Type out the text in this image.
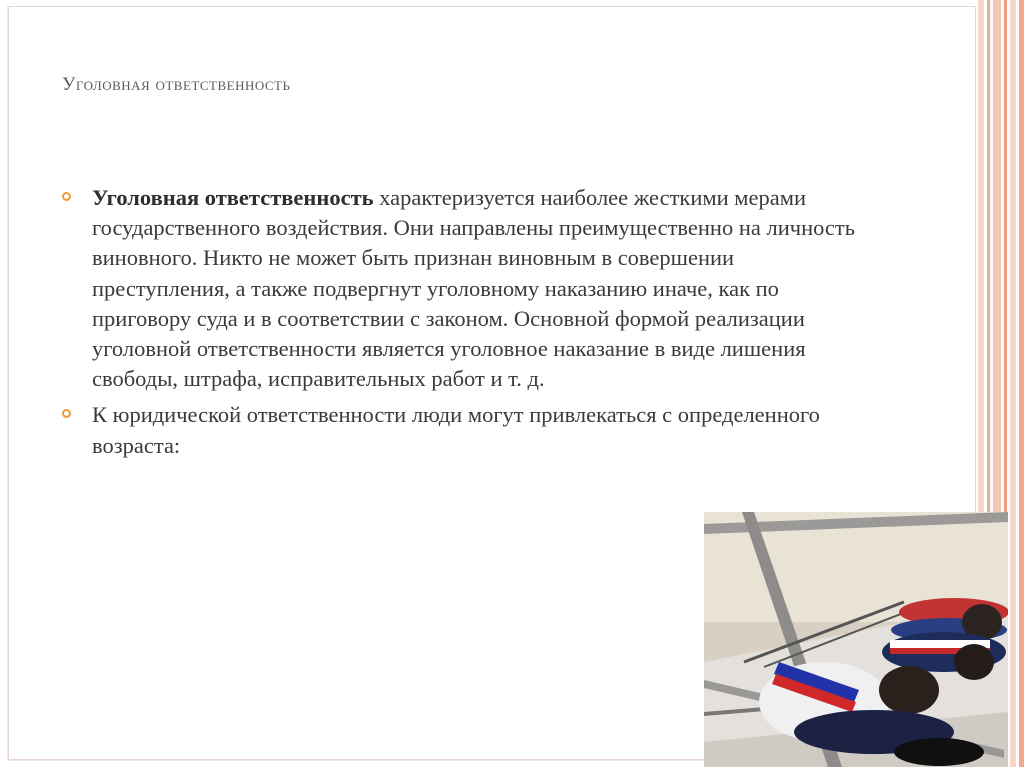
Уголовная ответственность
Уголовная ответственность характеризуется наиболее жесткими мерами государственного воздействия. Они направлены преимущественно на личность виновного. Никто не может быть признан виновным в совершении преступления, а также подвергнут уголовному наказанию иначе, как по приговору суда и в соответствии с законом. Основной формой реализации уголовной ответственности является уголовное наказание в виде лишения свободы, штрафа, исправительных работ и т. д.
К юридической ответственности люди могут привлекаться с определенного возраста:
